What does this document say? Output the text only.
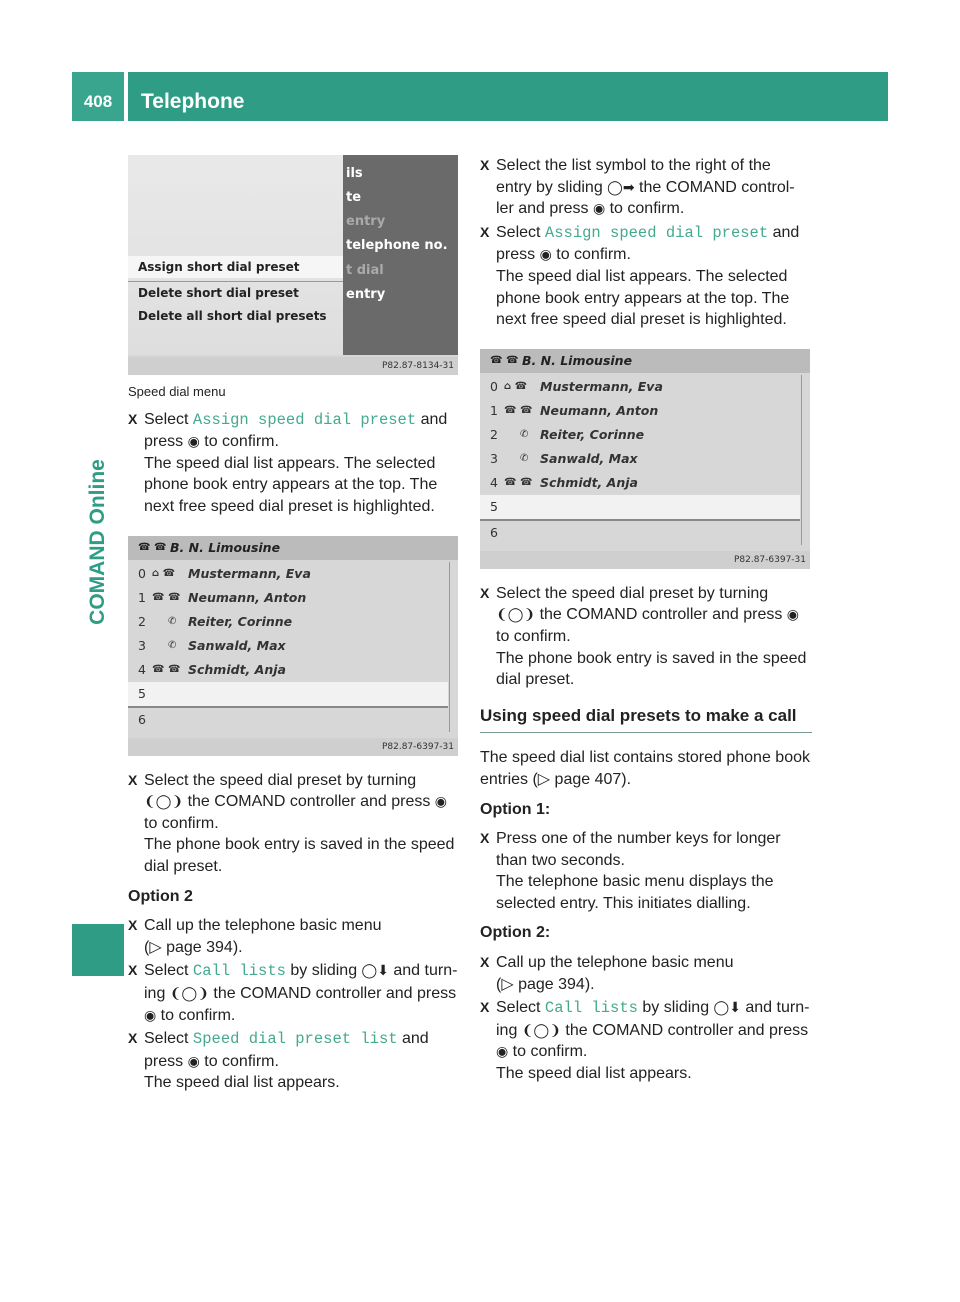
408	Telephone
COMAND Online
Assign short dial preset
Delete short dial preset
Delete all short dial presets
ils
te
entry
telephone no.
t dial
entry
P82.87-8134-31
Speed dial menu
X Select Assign speed dial preset and

press ◉ to confirm.

The speed dial list appears. The selected phone book entry appears at the top. The next free speed dial preset is highlighted.

☎ ☎ B. N. Limousine
0 ⌂ ☎ Mustermann, Eva
1 ☎ ☎ Neumann, Anton
2 ✆ Reiter, Corinne
3 ✆ Sanwald, Max
4 ☎ ☎ Schmidt, Anja
5
6
P82.87-6397-31
X Select the speed dial preset by turning

❨◯❩ the COMAND controller and press ◉

to confirm.

The phone book entry is saved in the speed dial preset.

Option 2
X Call up the telephone basic menu

(▷ page 394).

X Select Call lists by sliding ◯⬇ and turn-

ing ❨◯❩ the COMAND controller and press

◉ to confirm.

X Select Speed dial preset list and

press ◉ to confirm.

The speed dial list appears.

X Select the list symbol to the right of the

entry by sliding ◯➡ the COMAND control-

ler and press ◉ to confirm.

X Select Assign speed dial preset and

press ◉ to confirm.

The speed dial list appears. The selected phone book entry appears at the top. The next free speed dial preset is highlighted.

☎ ☎ B. N. Limousine
0 ⌂ ☎ Mustermann, Eva
1 ☎ ☎ Neumann, Anton
2 ✆ Reiter, Corinne
3 ✆ Sanwald, Max
4 ☎ ☎ Schmidt, Anja
5
6
P82.87-6397-31
X Select the speed dial preset by turning

❨◯❩ the COMAND controller and press ◉

to confirm.

The phone book entry is saved in the speed dial preset.

Using speed dial presets to make a call

The speed dial list contains stored phone book entries (▷ page 407).

Option 1:
X Press one of the number keys for longer than two seconds.

The telephone basic menu displays the selected entry. This initiates dialling.

Option 2:
X Call up the telephone basic menu

(▷ page 394).

X Select Call lists by sliding ◯⬇ and turn-

ing ❨◯❩ the COMAND controller and press

◉ to confirm.

The speed dial list appears.
